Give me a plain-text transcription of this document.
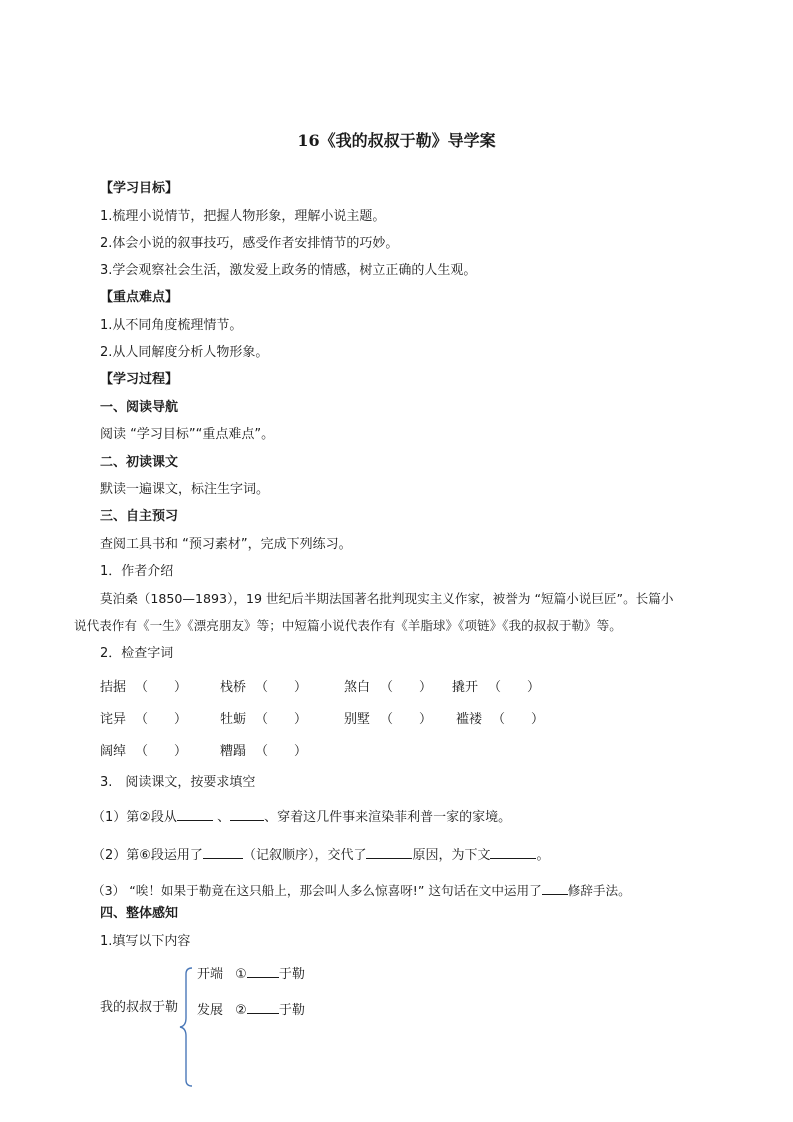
16《我的叔叔于勒》导学案
【学习目标】
1.梳理小说情节，把握人物形象，理解小说主题。
2.体会小说的叙事技巧，感受作者安排情节的巧妙。
3.学会观察社会生活，激发爱上政务的情感，树立正确的人生观。
【重点难点】
1.从不同角度梳理情节。
2.从人同解度分析人物形象。
【学习过程】
一、阅读导航
阅读 “学习目标”“重点难点”。
二、初读课文
默读一遍课文，标注生字词。
三、自主预习
查阅工具书和 “预习素材”，完成下列练习。
1．作者介绍
莫泊桑（1850—1893），19 世纪后半期法国著名批判现实主义作家，被誉为 “短篇小说巨匠”。长篇小
说代表作有《一生》《漂亮朋友》等；中短篇小说代表作有《羊脂球》《项链》《我的叔叔于勒》等。
2．检查字词
拮据 （　　）	栈桥 （　　）	煞白 （　　） 撬开 （　　）
诧异 （　　）	牡蛎 （　　）	别墅 （　　） 褴褛 （　　）
阔绰 （　　）	糟蹋 （　　）
3.　阅读课文，按要求填空
（1）第②段从	、	、穿着这几件事来渲染菲利普一家的家境。
（2）第⑥段运用了	（记叙顺序），交代了	原因，为下文	。
（3） “唉！如果于勒竟在这只船上，那会叫人多么惊喜呀!” 这句话在文中运用了 修辞手法。
四、整体感知
1.填写以下内容
我的叔叔于勒
开端 ① 于勒
发展 ② 于勒
